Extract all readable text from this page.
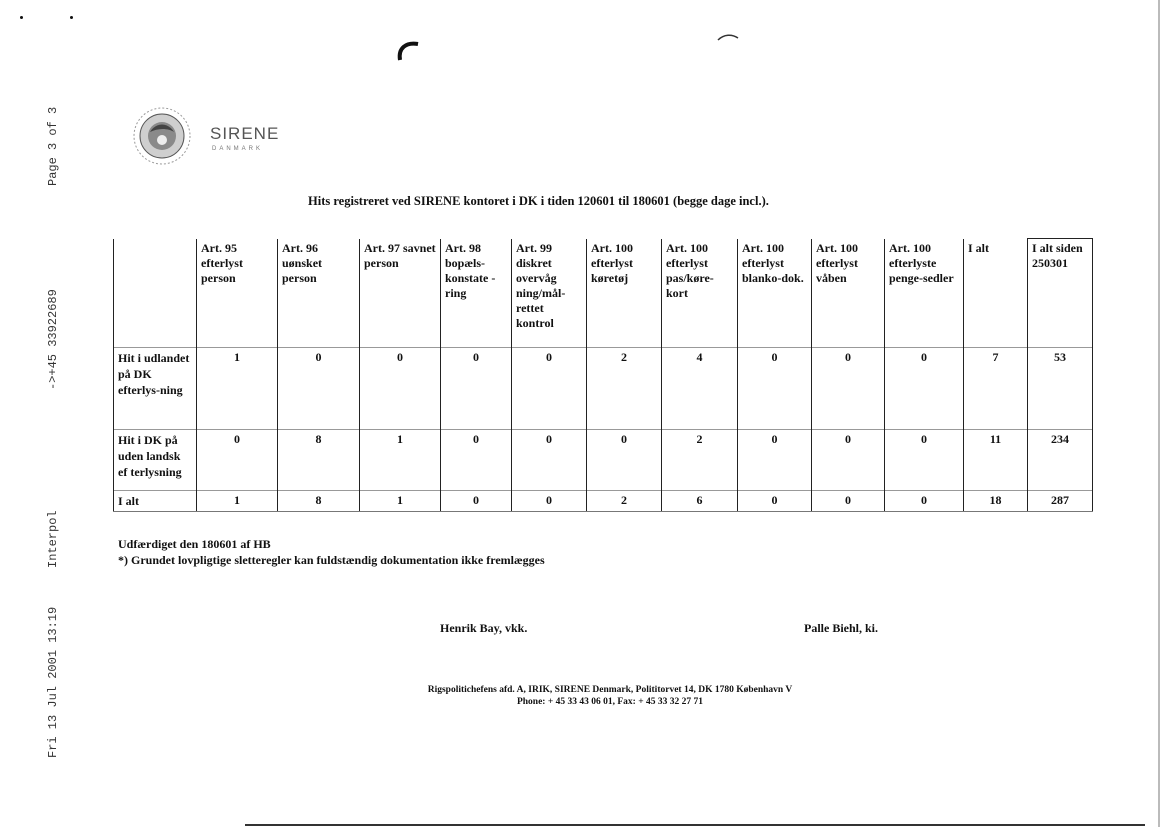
Page 3 of 3
->+45 33922689
Interpol
Fri 13 Jul 2001 13:19
SIRENE
DANMARK
Hits registreret ved SIRENE kontoret i DK i tiden 120601 til 180601 (begge dage incl.).
	Art. 95 efterlyst person	Art. 96 uønsket person	Art. 97 savnet person	Art. 98 bopæls-konstate -ring	Art. 99 diskret overvåg ning/mål-rettet kontrol	Art. 100 efterlyst køretøj	Art. 100 efterlyst pas/køre-kort	Art. 100 efterlyst blanko-dok.	Art. 100 efterlyst våben	Art. 100 efterlyste penge-sedler	I alt	I alt siden 250301
Hit i udlandet på DK efterlys-ning	1	0	0	0	0	2	4	0	0	0	7	53
Hit i DK på uden landsk ef terlysning	0	8	1	0	0	0	2	0	0	0	11	234
I alt	1	8	1	0	0	2	6	0	0	0	18	287
Udfærdiget den 180601 af HB
*) Grundet lovpligtige sletteregler kan fuldstændig dokumentation ikke fremlægges
Henrik Bay, vkk.	Palle Biehl, ki.
Rigspolitichefens afd. A, IRIK, SIRENE Denmark, Polititorvet 14, DK 1780 København V
Phone: + 45 33 43 06 01, Fax: + 45 33 32 27 71
